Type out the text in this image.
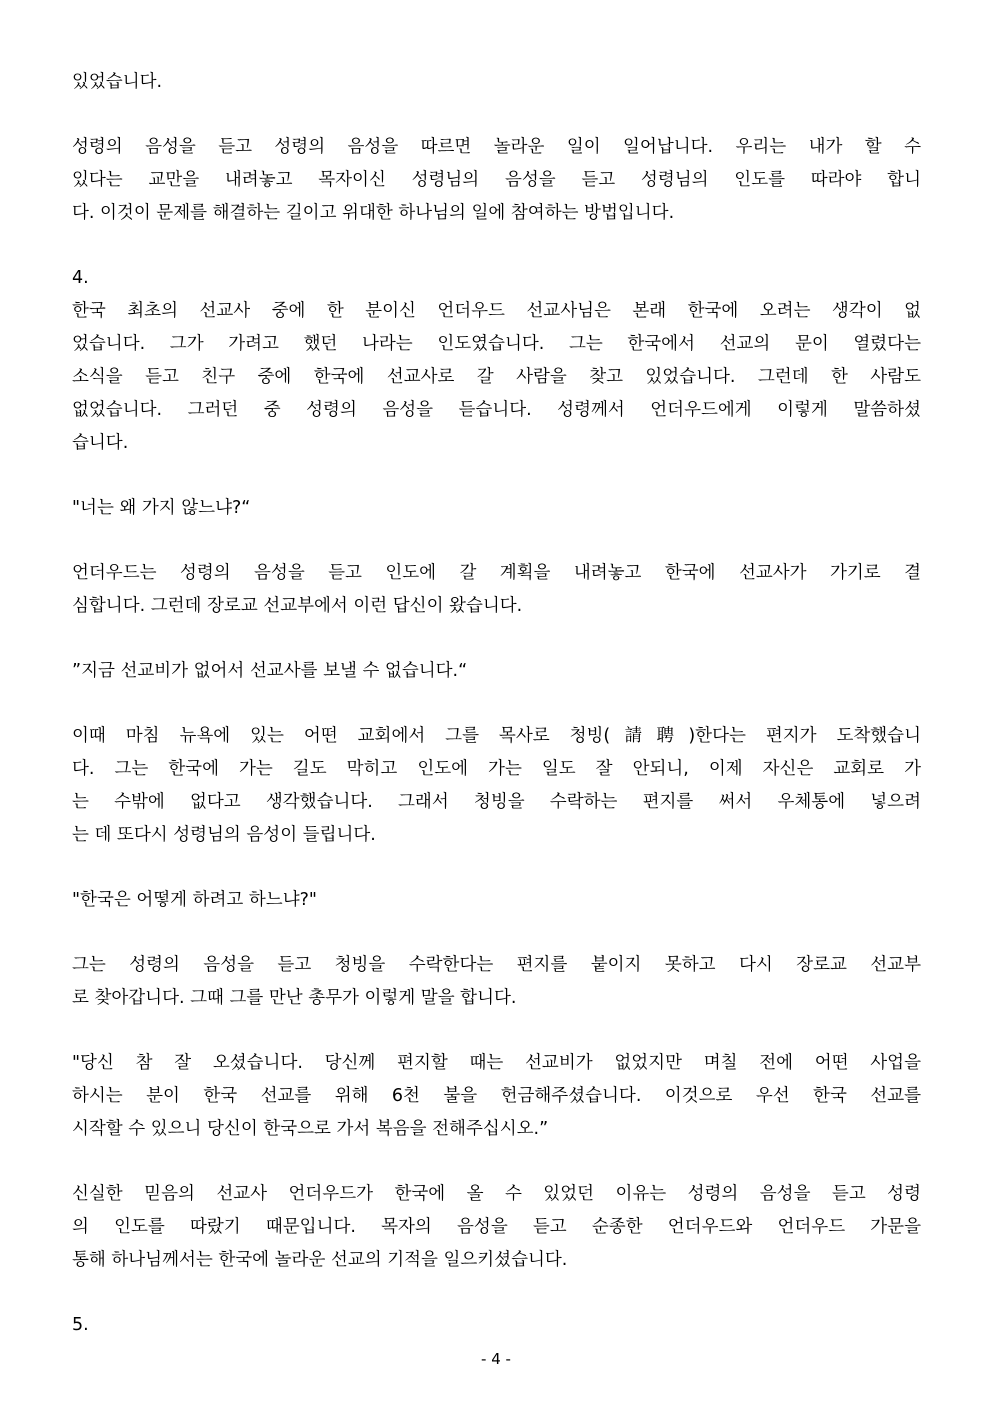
있었습니다.
성령의 음성을 듣고 성령의 음성을 따르면 놀라운 일이 일어납니다. 우리는 내가 할 수
있다는 교만을 내려놓고 목자이신 성령님의 음성을 듣고 성령님의 인도를 따라야 합니
다. 이것이 문제를 해결하는 길이고 위대한 하나님의 일에 참여하는 방법입니다.
4.
한국 최초의 선교사 중에 한 분이신 언더우드 선교사님은 본래 한국에 오려는 생각이 없
었습니다. 그가 가려고 했던 나라는 인도였습니다. 그는 한국에서 선교의 문이 열렸다는
소식을 듣고 친구 중에 한국에 선교사로 갈 사람을 찾고 있었습니다. 그런데 한 사람도
없었습니다. 그러던 중 성령의 음성을 듣습니다. 성령께서 언더우드에게 이렇게 말씀하셨
습니다.
"너는 왜 가지 않느냐?“
언더우드는 성령의 음성을 듣고 인도에 갈 계획을 내려놓고 한국에 선교사가 가기로 결
심합니다. 그런데 장로교 선교부에서 이런 답신이 왔습니다.
”지금 선교비가 없어서 선교사를 보낼 수 없습니다.“
이때 마침 뉴욕에 있는 어떤 교회에서 그를 목사로 청빙(請聘)한다는 편지가 도착했습니
다. 그는 한국에 가는 길도 막히고 인도에 가는 일도 잘 안되니, 이제 자신은 교회로 가
는 수밖에 없다고 생각했습니다. 그래서 청빙을 수락하는 편지를 써서 우체통에 넣으려
는 데 또다시 성령님의 음성이 들립니다.
"한국은 어떻게 하려고 하느냐?"
그는 성령의 음성을 듣고 청빙을 수락한다는 편지를 붙이지 못하고 다시 장로교 선교부
로 찾아갑니다. 그때 그를 만난 총무가 이렇게 말을 합니다.
"당신 참 잘 오셨습니다. 당신께 편지할 때는 선교비가 없었지만 며칠 전에 어떤 사업을
하시는 분이 한국 선교를 위해 6천 불을 헌금해주셨습니다. 이것으로 우선 한국 선교를
시작할 수 있으니 당신이 한국으로 가서 복음을 전해주십시오.”
신실한 믿음의 선교사 언더우드가 한국에 올 수 있었던 이유는 성령의 음성을 듣고 성령
의 인도를 따랐기 때문입니다. 목자의 음성을 듣고 순종한 언더우드와 언더우드 가문을
통해 하나님께서는 한국에 놀라운 선교의 기적을 일으키셨습니다.
5.
- 4 -
